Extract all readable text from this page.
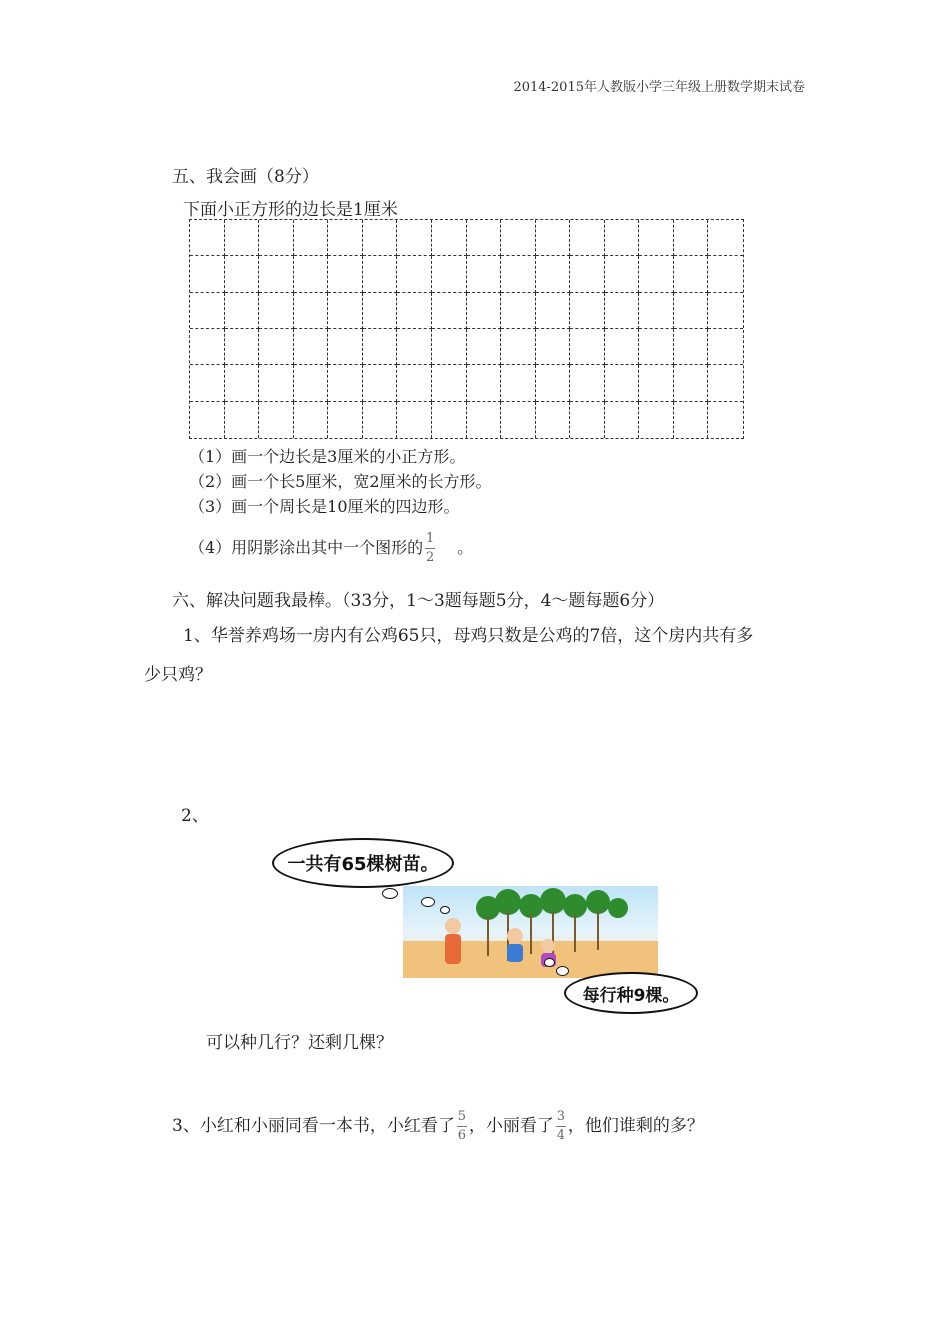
2014-2015年人教版小学三年级上册数学期末试卷
五、我会画（8分）
下面小正方形的边长是1厘米
（1）画一个边长是3厘米的小正方形。
（2）画一个长5厘米，宽2厘米的长方形。
（3）画一个周长是10厘米的四边形。
（4）用阴影涂出其中一个图形的 $\frac{1}{2}$ 。
六、解决问题我最棒。（33分，1～3题每题5分，4～题每题6分）
1、华誉养鸡场一房内有公鸡65只，母鸡只数是公鸡的7倍，这个房内共有多
少只鸡？
2、
一共有65棵树苗。
每行种9棵。
可以种几行？还剩几棵？
3、小红和小丽同看一本书，小红看了 $\frac{5}{6}$ ，小丽看了 $\frac{3}{4}$ ，他们谁剩的多？
